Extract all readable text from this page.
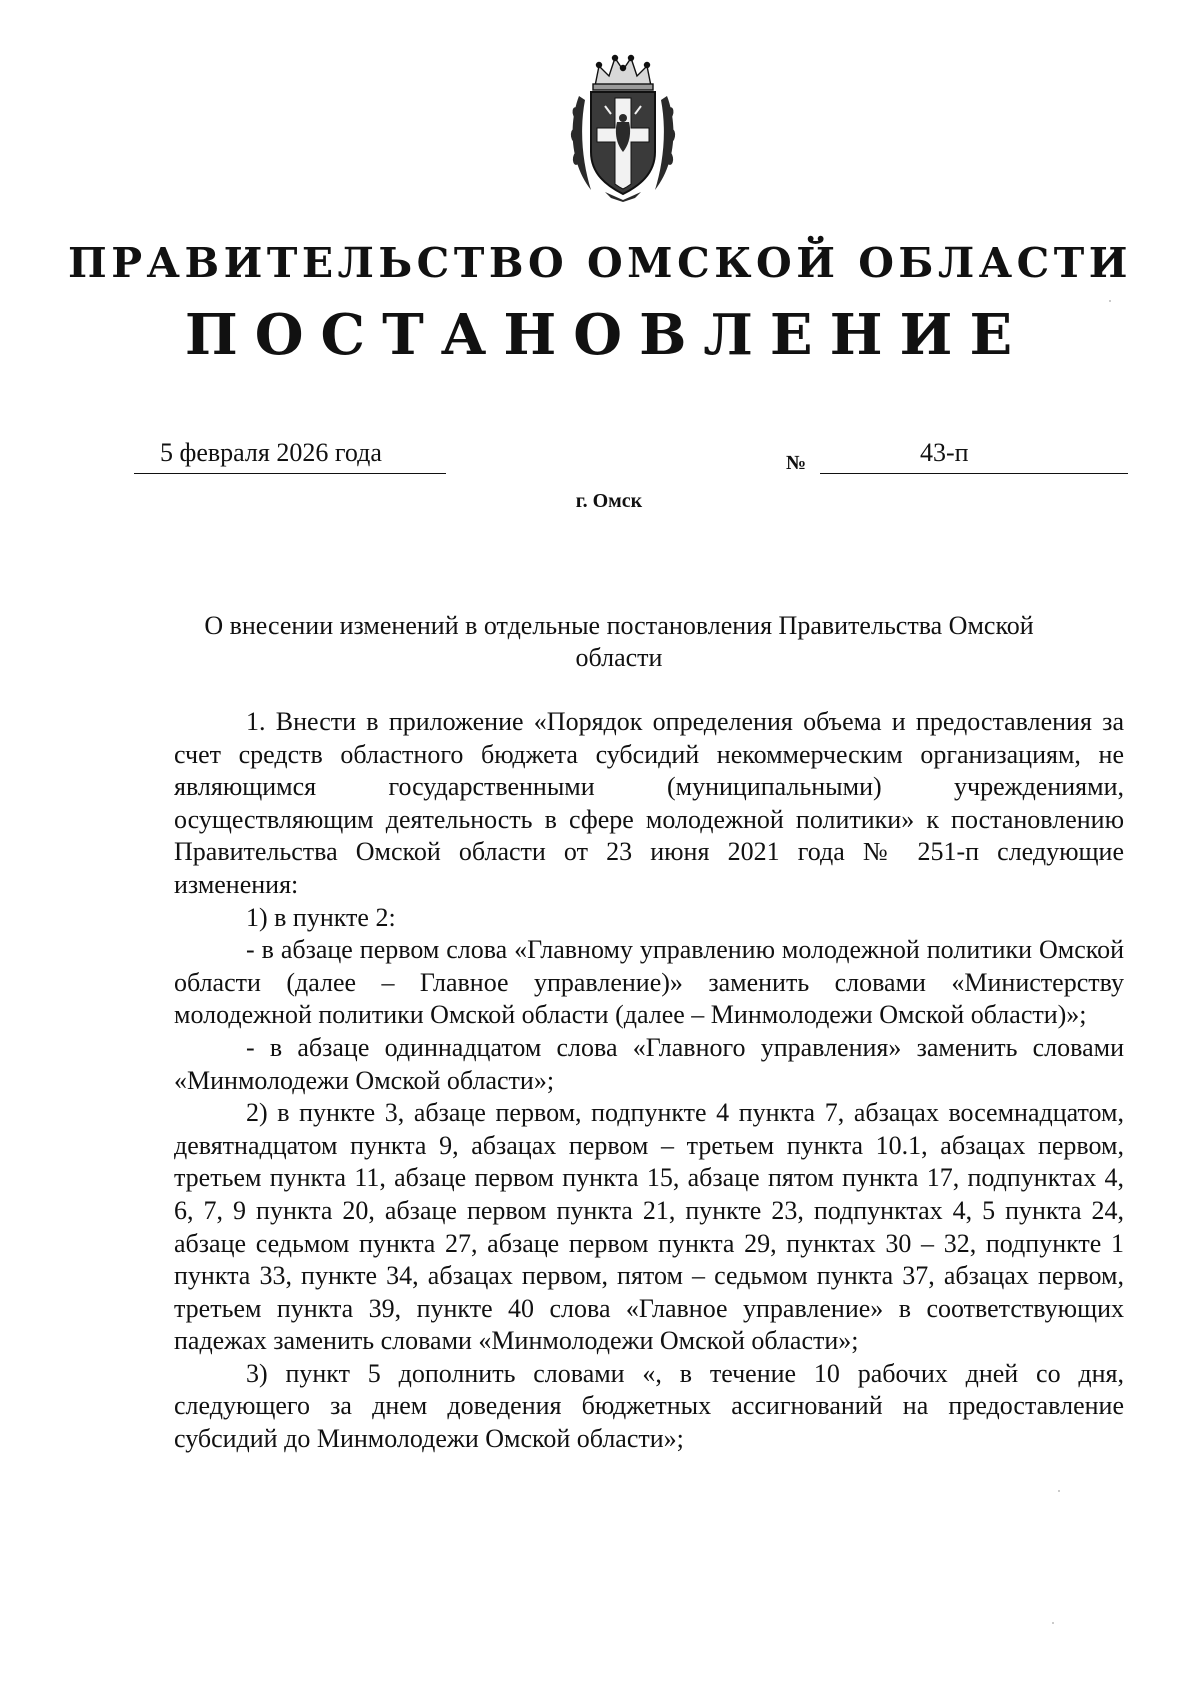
ПРАВИТЕЛЬСТВО ОМСКОЙ ОБЛАСТИ
ПОСТАНОВЛЕНИЕ
5 февраля 2026 года	№	43-п
г. Омск
О внесении изменений в отдельные постановления Правительства Омской области

1. Внести в приложение «Порядок определения объема и предоставления за счет средств областного бюджета субсидий некоммерческим организациям, не являющимся государственными (муниципальными) учреждениями, осуществляющим деятельность в сфере молодежной политики» к постановлению Правительства Омской области от 23 июня 2021 года № 251-п следующие изменения:

1) в пункте 2:

- в абзаце первом слова «Главному управлению молодежной политики Омской области (далее – Главное управление)» заменить словами «Министерству молодежной политики Омской области (далее – Минмолодежи Омской области)»;

- в абзаце одиннадцатом слова «Главного управления» заменить словами «Минмолодежи Омской области»;

2) в пункте 3, абзаце первом, подпункте 4 пункта 7, абзацах восемнадцатом, девятнадцатом пункта 9, абзацах первом – третьем пункта 10.1, абзацах первом, третьем пункта 11, абзаце первом пункта 15, абзаце пятом пункта 17, подпунктах 4, 6, 7, 9 пункта 20, абзаце первом пункта 21, пункте 23, подпунктах 4, 5 пункта 24, абзаце седьмом пункта 27, абзаце первом пункта 29, пунктах 30 – 32, подпункте 1 пункта 33, пункте 34, абзацах первом, пятом – седьмом пункта 37, абзацах первом, третьем пункта 39, пункте 40 слова «Главное управление» в соответствующих падежах заменить словами «Минмолодежи Омской области»;

3) пункт 5 дополнить словами «, в течение 10 рабочих дней со дня, следующего за днем доведения бюджетных ассигнований на предоставление субсидий до Минмолодежи Омской области»;
